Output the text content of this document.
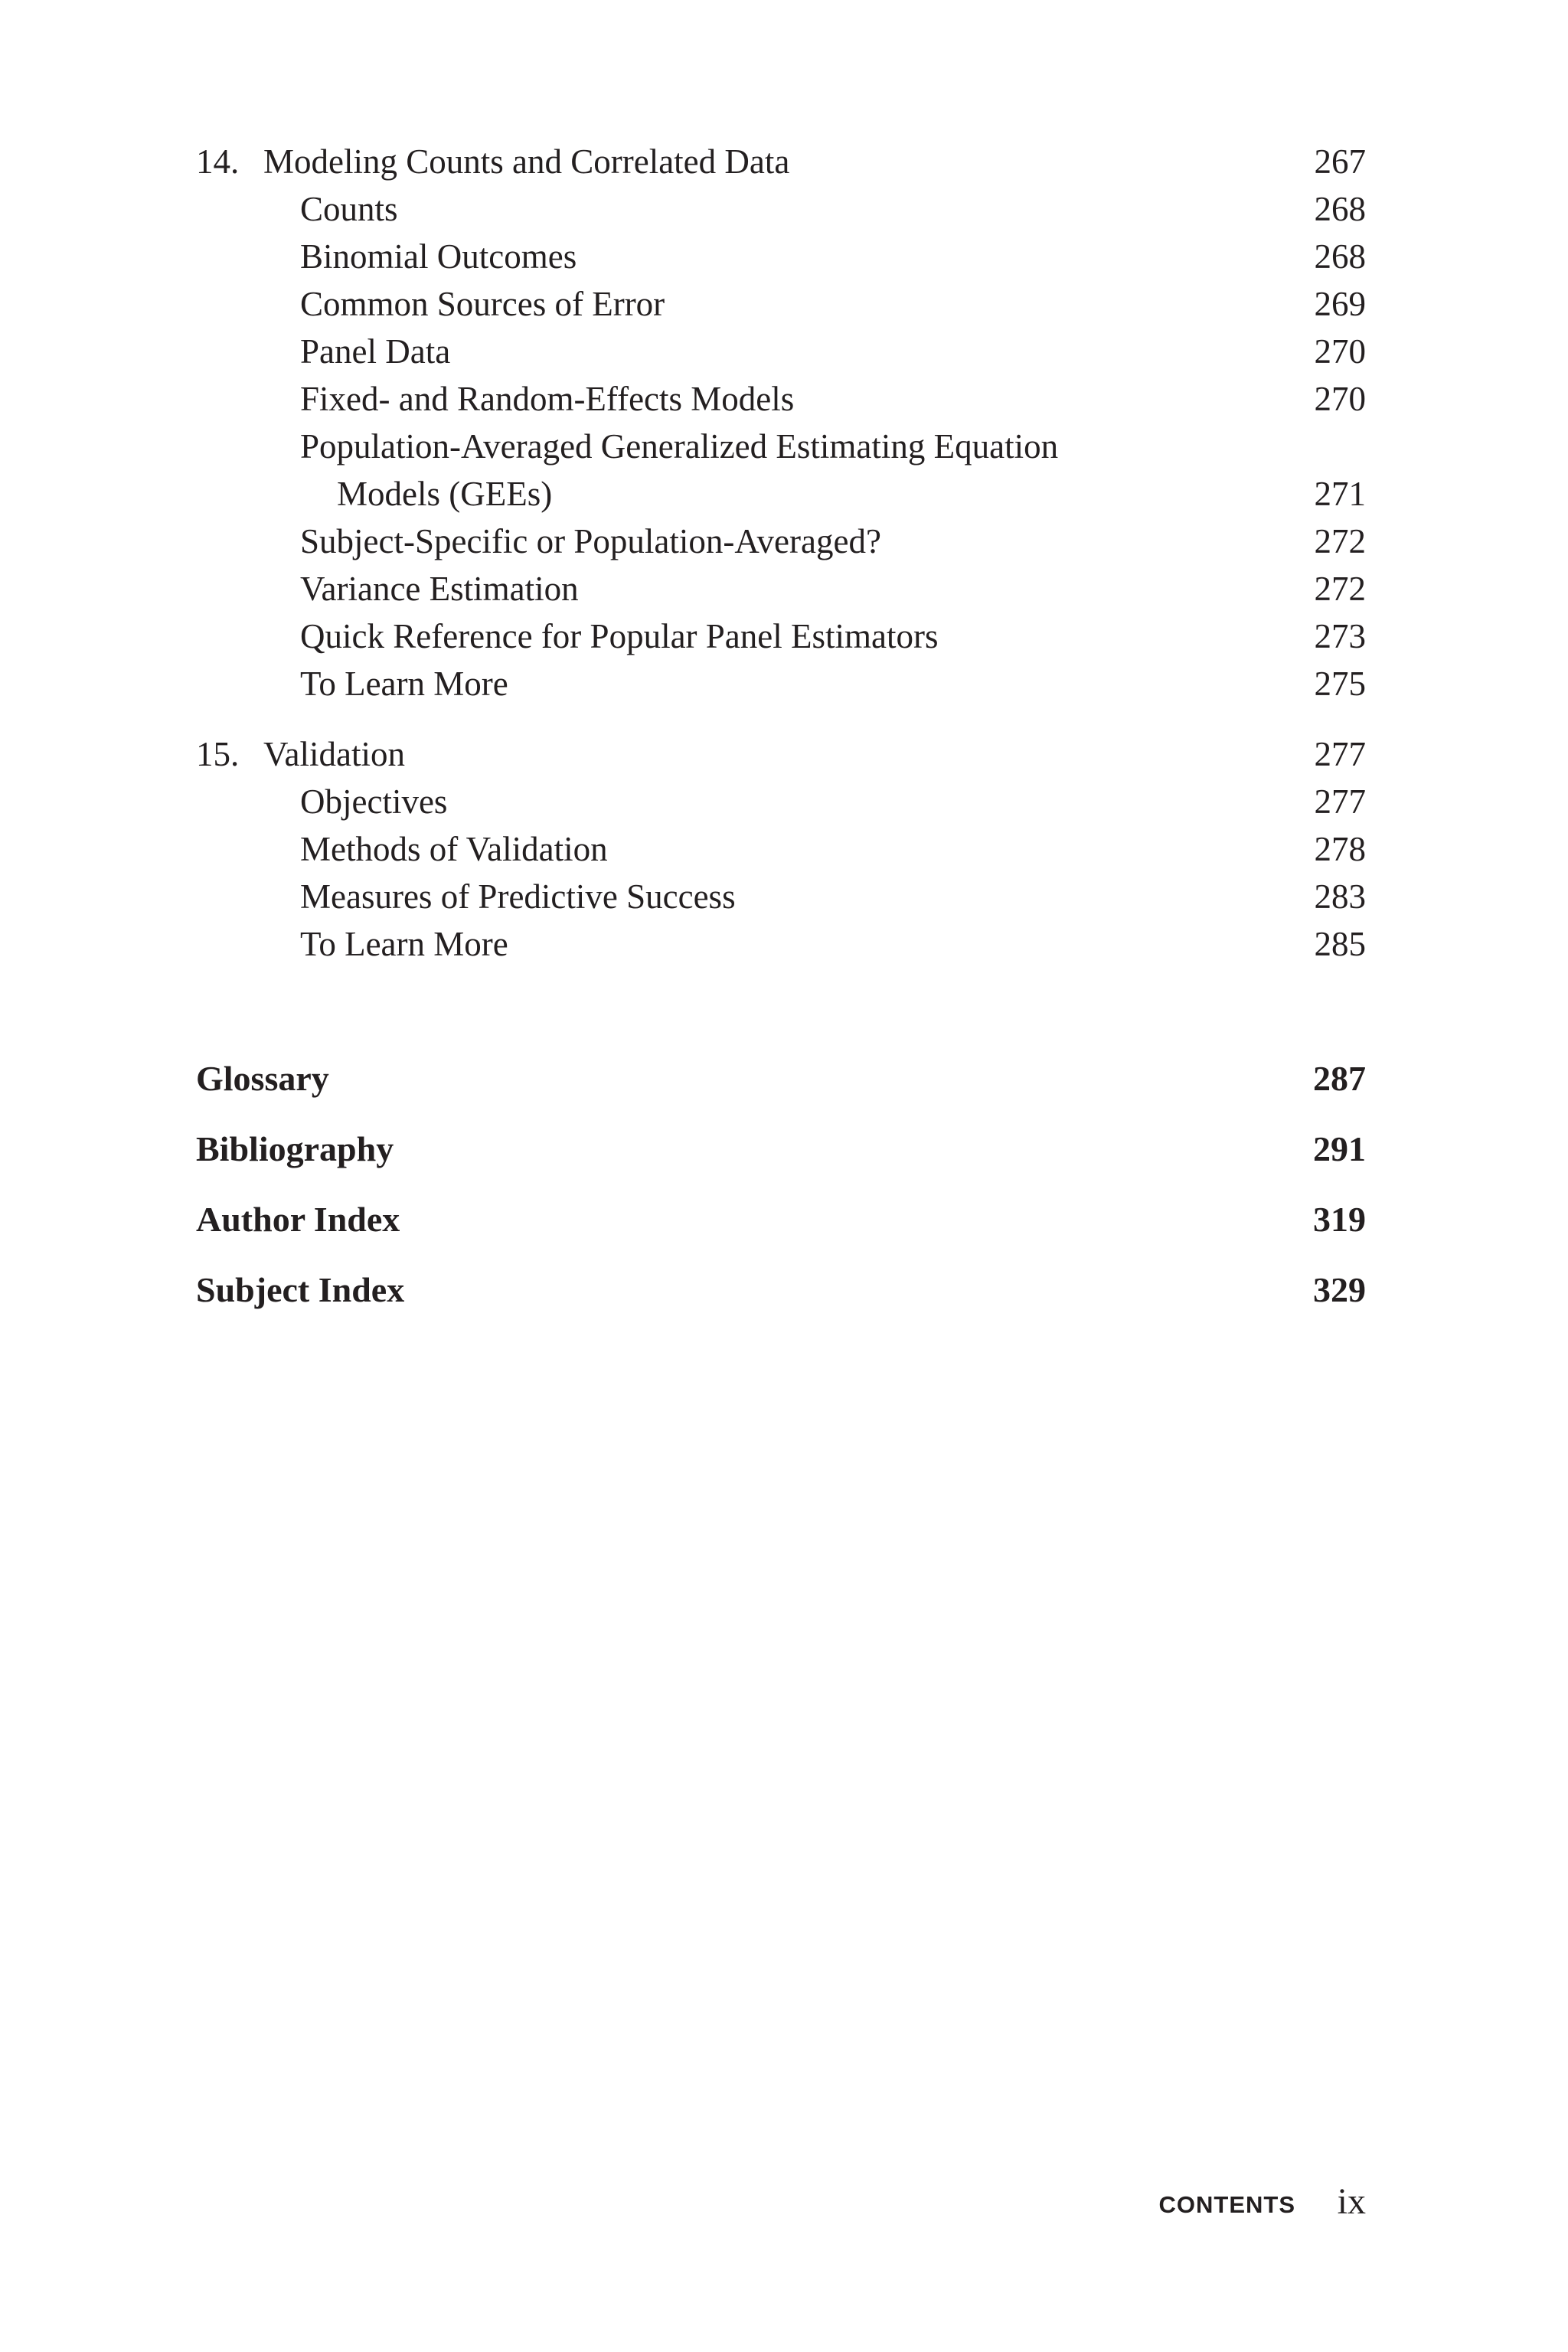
14. Modeling Counts and Correlated Data	267
Counts	268
Binomial Outcomes	268
Common Sources of Error	269
Panel Data	270
Fixed- and Random-Effects Models	270
Population-Averaged Generalized Estimating Equation
Models (GEEs)	271
Subject-Specific or Population-Averaged?	272
Variance Estimation	272
Quick Reference for Popular Panel Estimators	273
To Learn More	275
15. Validation	277
Objectives	277
Methods of Validation	278
Measures of Predictive Success	283
To Learn More	285
Glossary	287
Bibliography	291
Author Index	319
Subject Index	329
CONTENTS ix
